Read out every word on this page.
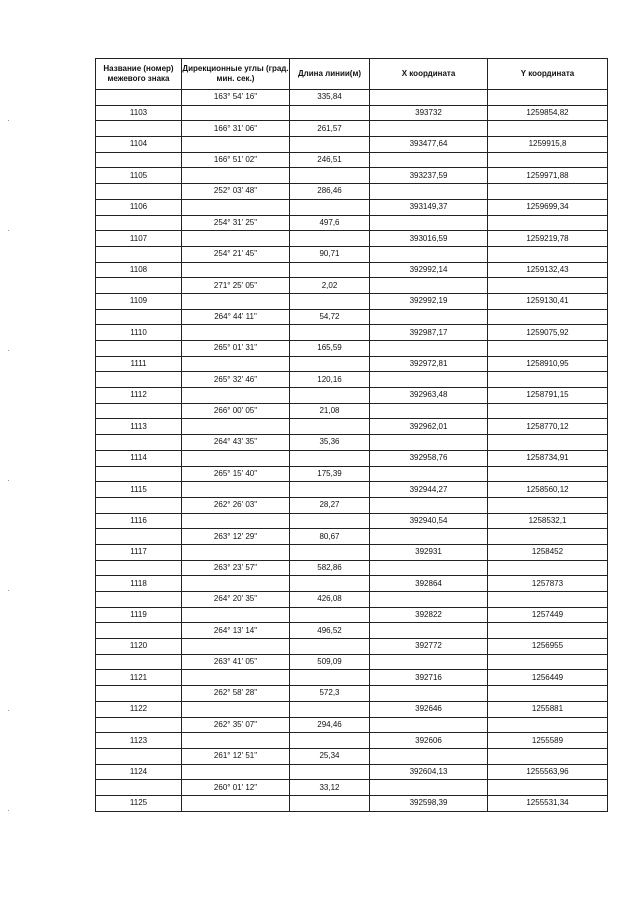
Название (номер) межевого знака	Дирекционные углы (град. мин. сек.)	Длина линии(м)	X координата	Y координата
	163° 54' 16"	335,84		
1103			393732	1259854,82
	166° 31' 06"	261,57		
1104			393477,64	1259915,8
	166° 51' 02"	246,51		
1105			393237,59	1259971,88
	252° 03' 48"	286,46		
1106			393149,37	1259699,34
	254° 31' 25"	497,6		
1107			393016,59	1259219,78
	254° 21' 45"	90,71		
1108			392992,14	1259132,43
	271° 25' 05"	2,02		
1109			392992,19	1259130,41
	264° 44' 11"	54,72		
1110			392987,17	1259075,92
	265° 01' 31"	165,59		
1111			392972,81	1258910,95
	265° 32' 46"	120,16		
1112			392963,48	1258791,15
	266° 00' 05"	21,08		
1113			392962,01	1258770,12
	264° 43' 35"	35,36		
1114			392958,76	1258734,91
	265° 15' 40"	175,39		
1115			392944,27	1258560,12
	262° 26' 03"	28,27		
1116			392940,54	1258532,1
	263° 12' 29"	80,67		
1117			392931	1258452
	263° 23' 57"	582,86		
1118			392864	1257873
	264° 20' 35"	426,08		
1119			392822	1257449
	264° 13' 14"	496,52		
1120			392772	1256955
	263° 41' 05"	509,09		
1121			392716	1256449
	262° 58' 28"	572,3		
1122			392646	1255881
	262° 35' 07"	294,46		
1123			392606	1255589
	261° 12' 51"	25,34		
1124			392604,13	1255563,96
	260° 01' 12"	33,12		
1125			392598,39	1255531,34
